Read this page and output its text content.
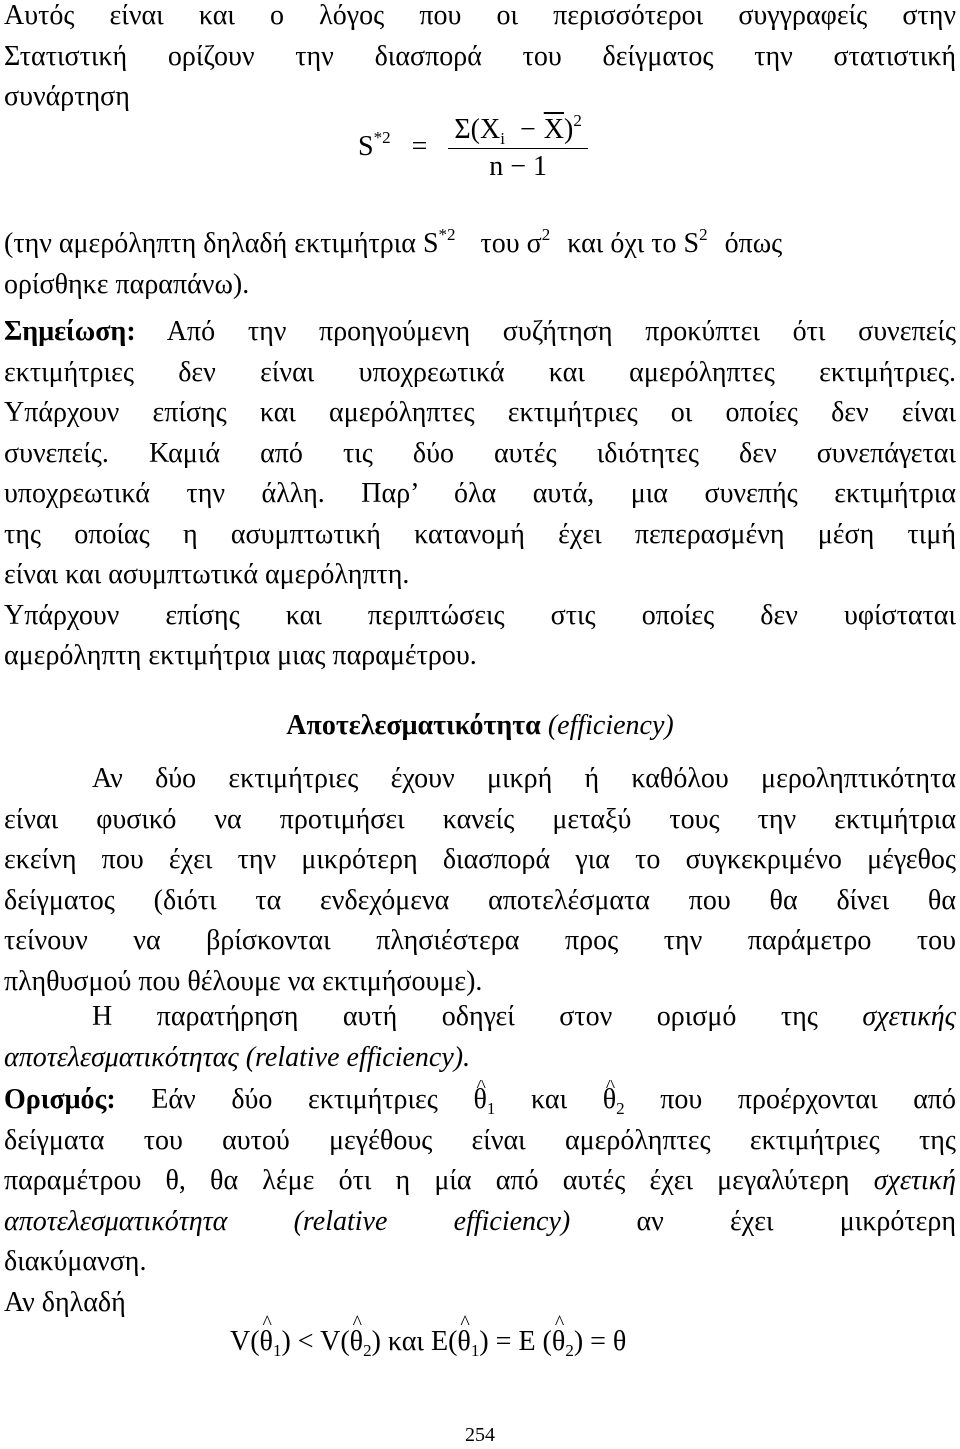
Αυτός είναι και ο λόγος που οι περισσότεροι συγγραφείς στην
Στατιστική ορίζουν την διασπορά του δείγματος την στατιστική
συνάρτηση
$S^{*2} = \frac{\Sigma(X_i - \overline{X})^2}{n - 1}$
(την αμερόληπτη δηλαδή εκτιμήτρια $S^{*2}$ του $\sigma^2$ και όχι το $S^2$ όπως
ορίσθηκε παραπάνω).
Σημείωση: Από την προηγούμενη συζήτηση προκύπτει ότι συνεπείς
εκτιμήτριες δεν είναι υποχρεωτικά και αμερόληπτες εκτιμήτριες.
Υπάρχουν επίσης και αμερόληπτες εκτιμήτριες οι οποίες δεν είναι
συνεπείς. Καμιά από τις δύο αυτές ιδιότητες δεν συνεπάγεται
υποχρεωτικά την άλλη. Παρ’ όλα αυτά, μια συνεπής εκτιμήτρια
της οποίας η ασυμπτωτική κατανομή έχει πεπερασμένη μέση τιμή
είναι και ασυμπτωτικά αμερόληπτη.
Υπάρχουν επίσης και περιπτώσεις στις οποίες δεν υφίσταται
αμερόληπτη εκτιμήτρια μιας παραμέτρου.
Αποτελεσματικότητα (efficiency)
Αν δύο εκτιμήτριες έχουν μικρή ή καθόλου μεροληπτικότητα
είναι φυσικό να προτιμήσει κανείς μεταξύ τους την εκτιμήτρια
εκείνη που έχει την μικρότερη διασπορά για το συγκεκριμένο μέγεθος
δείγματος (διότι τα ενδεχόμενα αποτελέσματα που θα δίνει θα
τείνουν να βρίσκονται πλησιέστερα προς την παράμετρο του
πληθυσμού που θέλουμε να εκτιμήσουμε).
Η παρατήρηση αυτή οδηγεί στον ορισμό της σχετικής
αποτελεσματικότητας (relative efficiency).
Ορισμός: Εάν δύο εκτιμήτριες ^ $\theta_1$ και ^ $\theta_2$ που προέρχονται από
δείγματα του αυτού μεγέθους είναι αμερόληπτες εκτιμήτριες της
παραμέτρου θ, θα λέμε ότι η μία από αυτές έχει μεγαλύτερη σχετική
αποτελεσματικότητα (relative efficiency) αν έχει μικρότερη
διακύμανση.
Αν δηλαδή
V(^ $\theta_1$) < V(^ $\theta_2$) και E(^ $\theta_1) = E$ (^ $\theta_2) = \theta$
254
